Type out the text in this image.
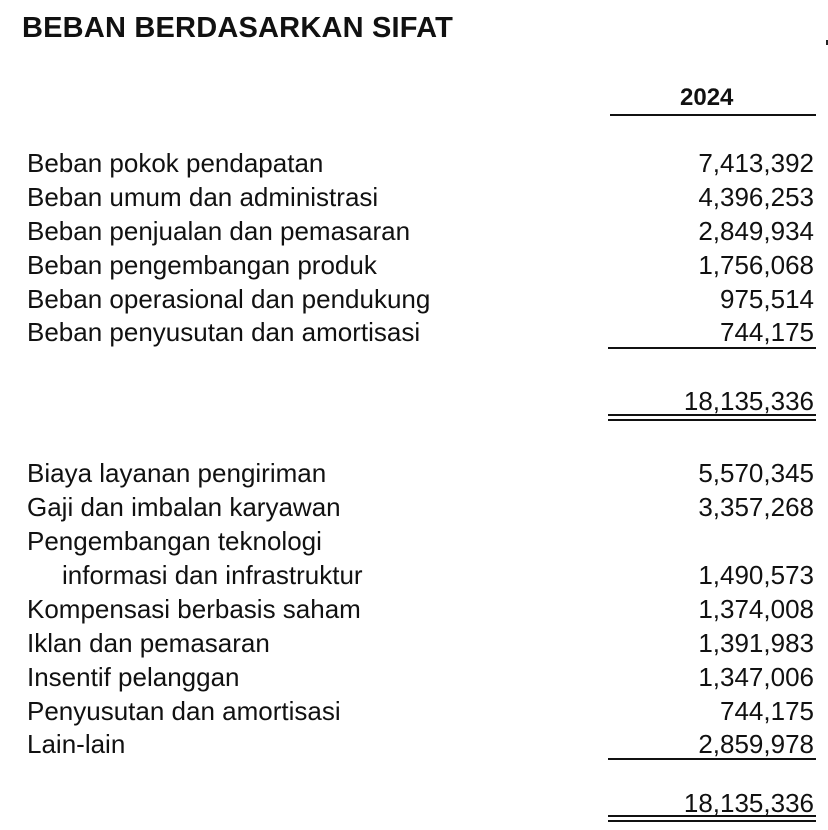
BEBAN BERDASARKAN SIFAT
2024
Beban pokok pendapatan	7,413,392
Beban umum dan administrasi	4,396,253
Beban penjualan dan pemasaran	2,849,934
Beban pengembangan produk	1,756,068
Beban operasional dan pendukung	975,514
Beban penyusutan dan amortisasi	744,175
18,135,336
Biaya layanan pengiriman	5,570,345
Gaji dan imbalan karyawan	3,357,268
Pengembangan teknologi
informasi dan infrastruktur	1,490,573
Kompensasi berbasis saham	1,374,008
Iklan dan pemasaran	1,391,983
Insentif pelanggan	1,347,006
Penyusutan dan amortisasi	744,175
Lain-lain	2,859,978
18,135,336
